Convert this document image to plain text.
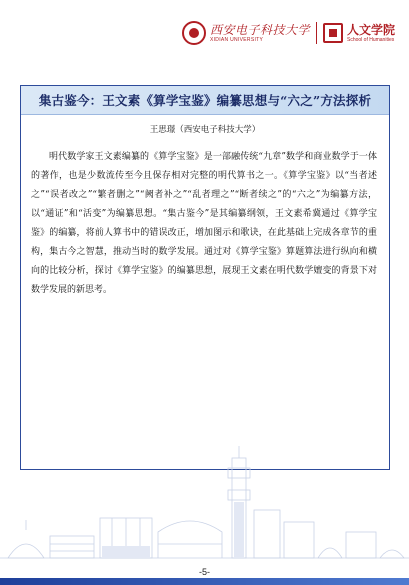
西安电子科技大学
XIDIAN UNIVERSITY
人文学院
School of Humanities
集古鉴今：王文素《算学宝鉴》编纂思想与“六之”方法探析
王思璟（西安电子科技大学）
明代数学家王文素编纂的《算学宝鉴》是一部融传统“九章”数学和商业数学于一体的著作，也是少数流传至今且保存相对完整的明代算书之一。《算学宝鉴》以“当者述之”“误者改之”“繁者删之”“阙者补之”“乱者理之”“断者续之”的“六之”为编纂方法，以“通证”和“活变”为编纂思想。“集古鉴今”是其编纂纲领，王文素希冀通过《算学宝鉴》的编纂，将前人算书中的错误改正，增加图示和歌诀，在此基础上完成各章节的重构，集古今之智慧，推动当时的数学发展。通过对《算学宝鉴》算题算法进行纵向和横向的比较分析，探讨《算学宝鉴》的编纂思想，展现王文素在明代数学嬗变的背景下对数学发展的新思考。
-5-
